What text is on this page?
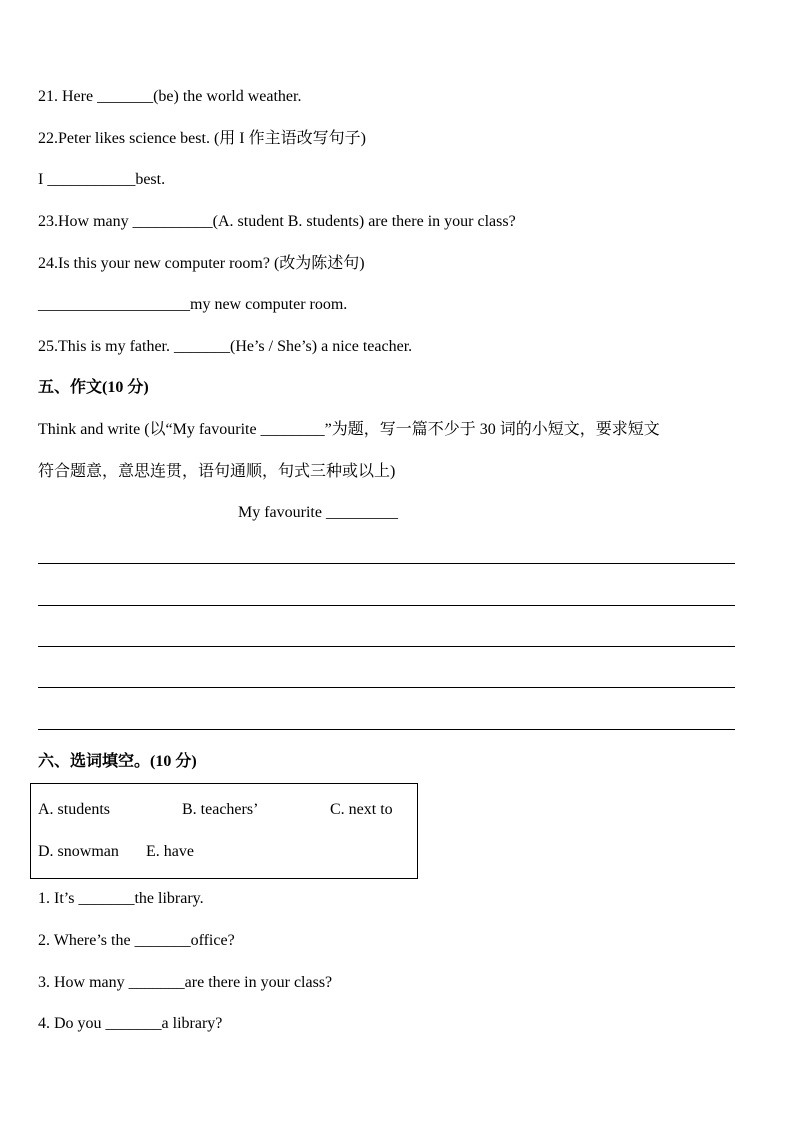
21. Here _______(be) the world weather.
22.Peter likes science best. (用 I 作主语改写句子)
I ___________best.
23.How many __________(A. student B. students) are there in your class?
24.Is this your new computer room? (改为陈述句)
___________________my new computer room.
25.This is my father. _______(He’s / She’s) a nice teacher.
五、作文(10 分)
Think and write (以“My favourite ________”为题，写一篇不少于 30 词的小短文，要求短文
符合题意，意思连贯，语句通顺，句式三种或以上)
My favourite _________
六、选词填空。(10 分)
A. students	B. teachers’	C. next to
D. snowman E. have
1. It’s _______the library.
2. Where’s the _______office?
3. How many _______are there in your class?
4. Do you _______a library?
